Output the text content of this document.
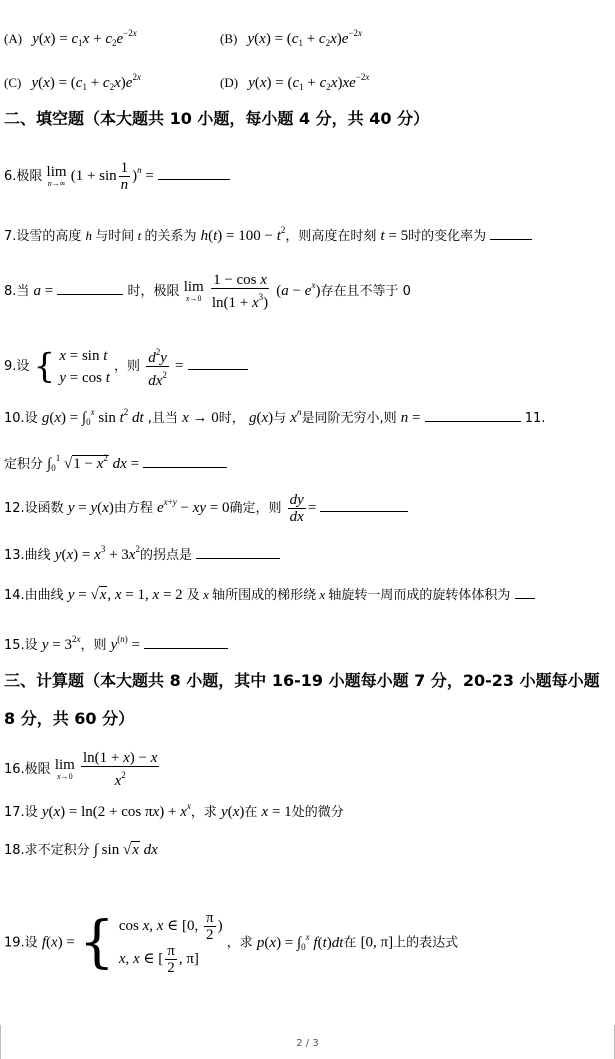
(A) $y(x) = c_1x + c_2e^{-2x}$	(B) $y(x) = (c_1 + c_2x)e^{-2x}$
(C) $y(x) = (c_1 + c_2x)e^{2x}$	(D) $y(x) = (c_1 + c_2x)xe^{-2x}$
二、填空题（本大题共 10 小题，每小题 4 分，共 40 分）
6.极限 lim
n→∞ $(1 + \sin \frac{1}{n} )^n$ =
7.设雪的高度 h 与时间 t 的关系为 $h(t) = 100 - t^2$，则高度在时刻 t = 5时的变化率为
8.当 a =	时，极限 lim
x→0
$\frac{\text{1 − cos x}}{\ln(1 + x^3)} (a - e^x)$存在且不等于 0
9.设 { x = sin t
y = cos t
，则 $\frac{d^2y}{dx^2}$ =
10.设 $g(x) = \int_0^x$ $\sin t^2$ dt ,且当 x → 0时， g(x)与 $x^n$是同阶无穷小,则 n =	11.
定积分 $\int_0^1$ $√1 - x^2$ dx =
12.设函数 y = y(x)由方程 $e^{x+y}$ − xy = 0确定，则 $\frac{dy}{dx}$ =
13.曲线 $y(x) = x^3 + 3x^2$的拐点是
14.由曲线 y = √x, x = 1, x = 2 及 x 轴所围成的梯形绕 x 轴旋转一周而成的旋转体体积为
15.设 $y = 3^{2x}$，则 $y^{(n)}$ =
三、计算题（本大题共 8 小题，其中 16-19 小题每小题 7 分，20-23 小题每小题
8 分，共 60 分）
16.极限 lim
x→0
$\frac{\ln(1 + x) - x}{x^2}$
17.设 $y(x) = \ln(2 + \cos \pi x) + x^x$，求 y(x)在 x = 1处的微分
18.求不定积分 ∫ sin √x dx
19.设 f(x) = { cos x, x ∈ [0, $\frac{\pi}{2}$ )
x, x ∈ [ $\frac{\pi}{2}$ , π]
，求 $p(x) = \int_0^x$ f(t)dt在 [0, π]上的表达式
2 / 3
